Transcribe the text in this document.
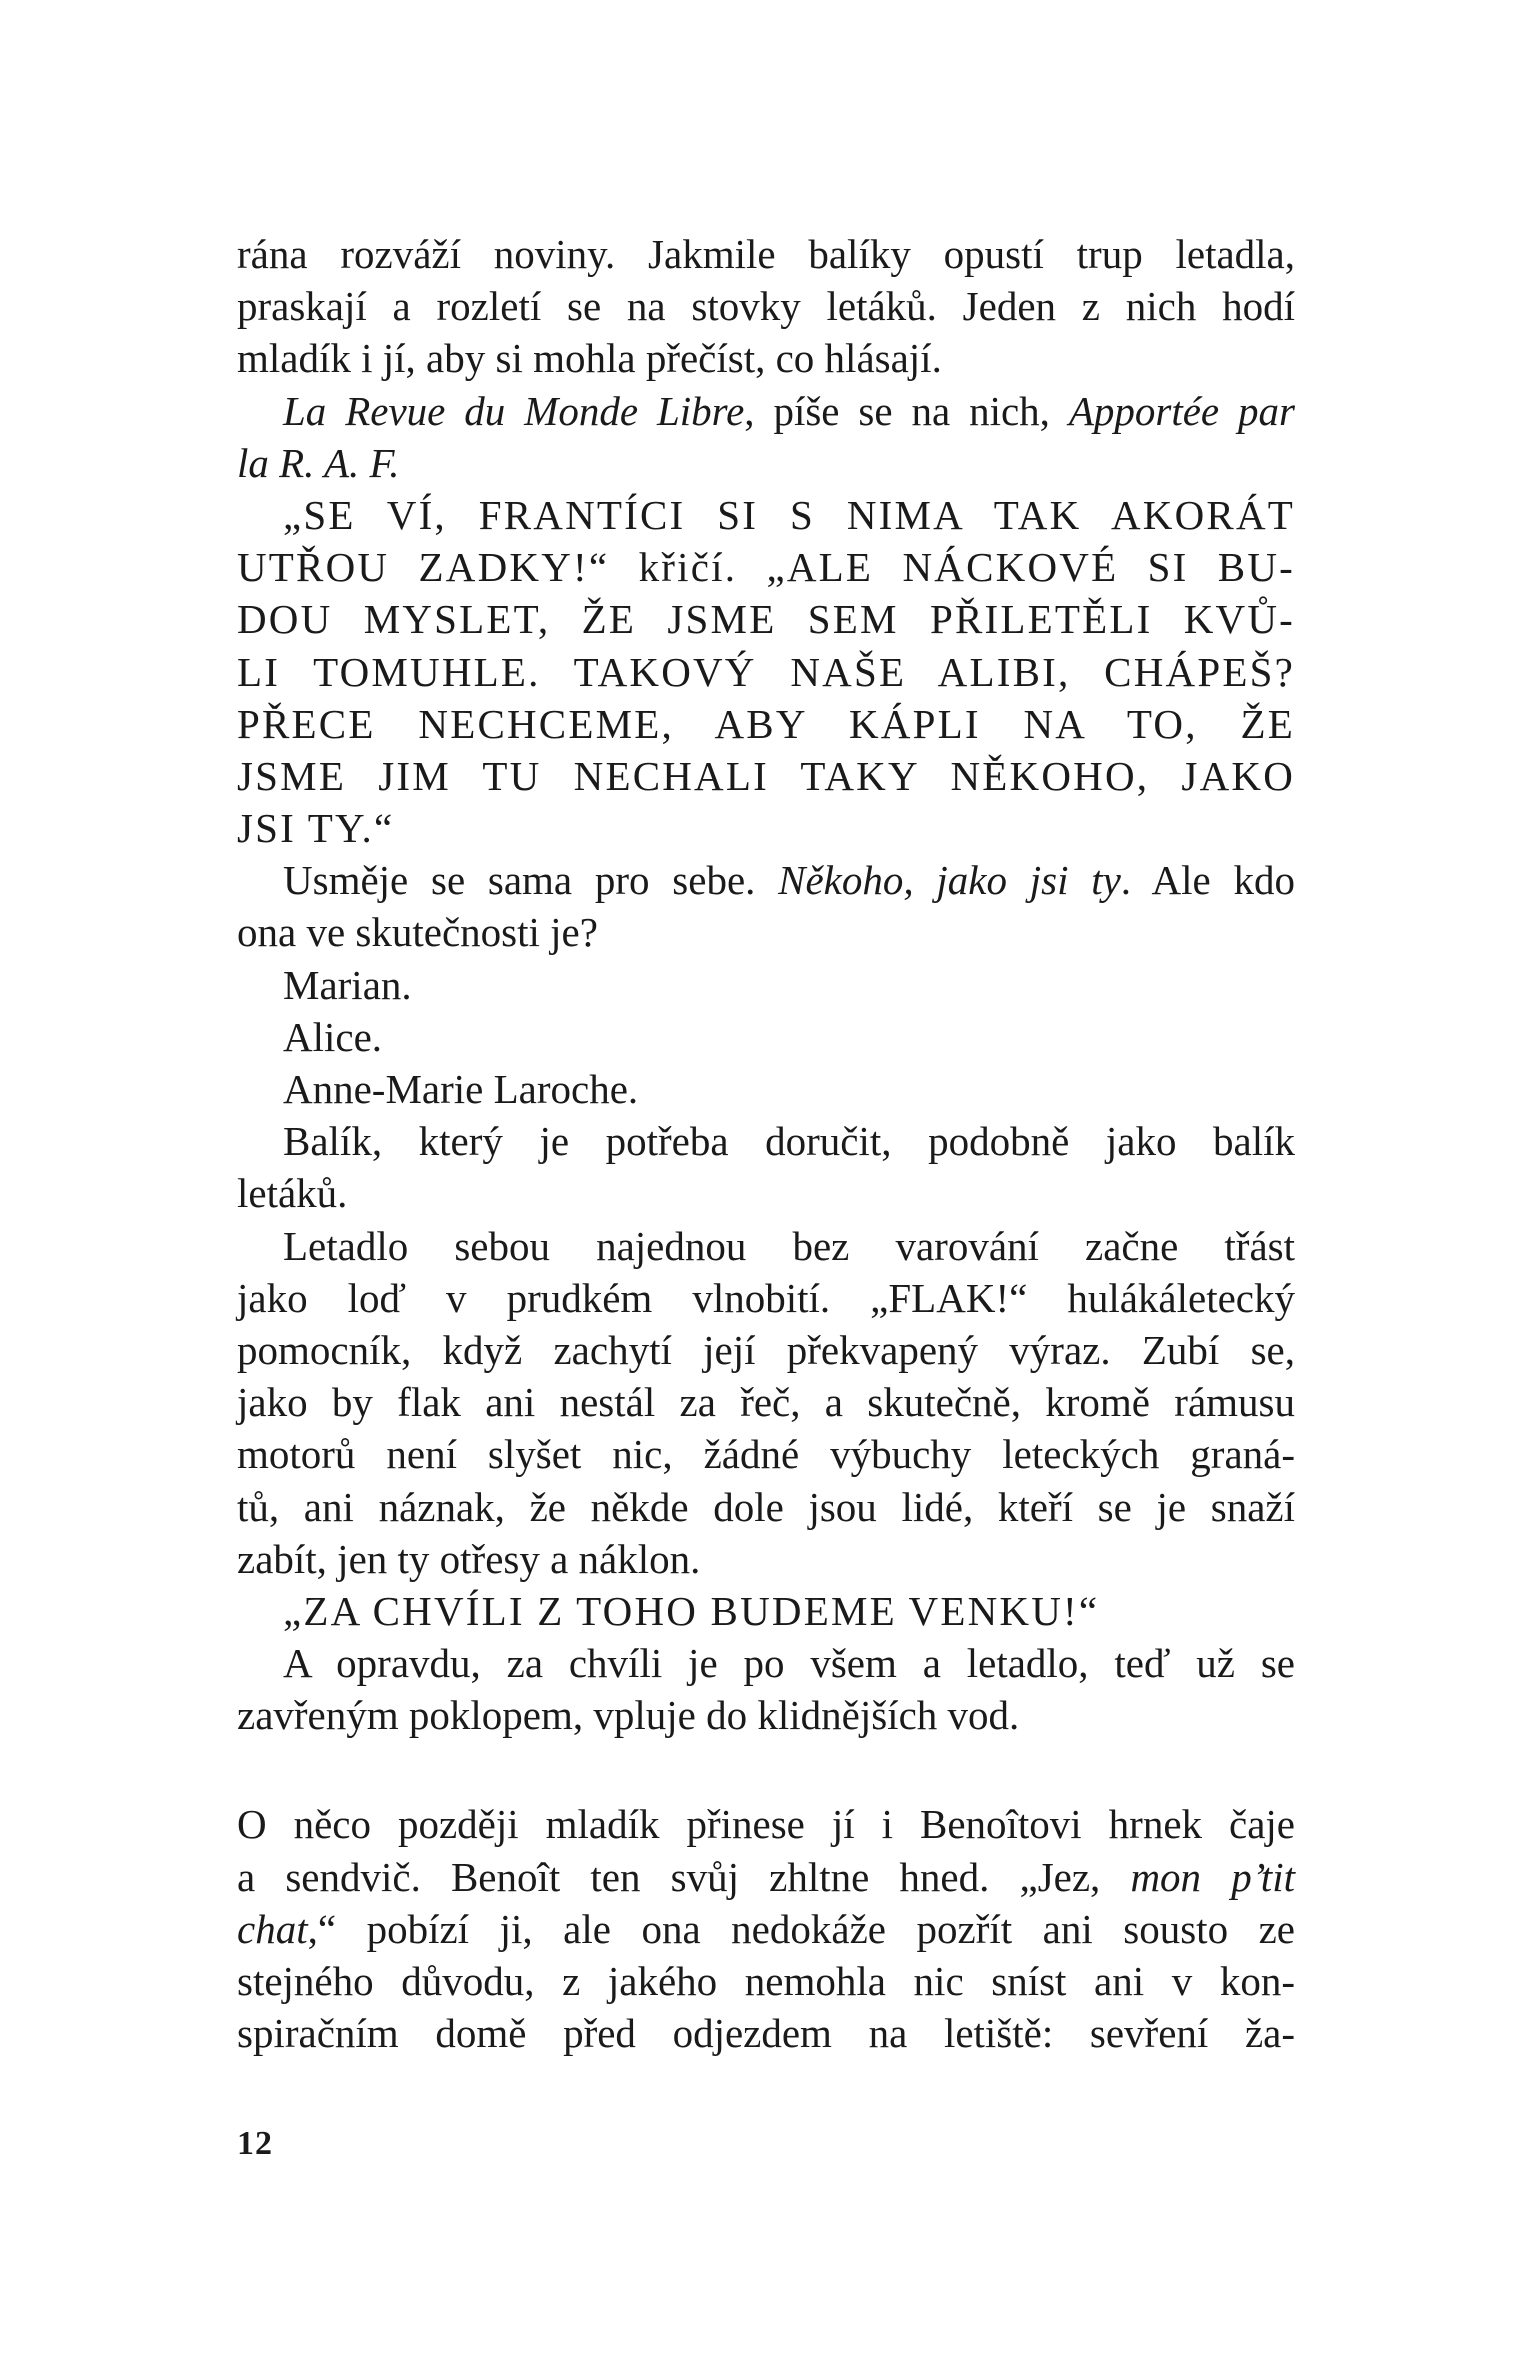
rána rozváží noviny. Jakmile balíky opustí trup letadla,
praskají a rozletí se na stovky letáků. Jeden z nich hodí
mladík i jí, aby si mohla přečíst, co hlásají.
La Revue du Monde Libre, píše se na nich, Apportée par
la R. A. F.
„SE VÍ, FRANTÍCI SI S NIMA TAK AKORÁT
UTŘOU ZADKY!“ křičí. „ALE NÁCKOVÉ SI BU-
DOU MYSLET, ŽE JSME SEM PŘILETĚLI KVŮ-
LI TOMUHLE. TAKOVÝ NAŠE ALIBI, CHÁPEŠ?
PŘECE NECHCEME, ABY KÁPLI NA TO, ŽE
JSME JIM TU NECHALI TAKY NĚKOHO, JAKO
JSI TY.“
Usměje se sama pro sebe. Někoho, jako jsi ty. Ale kdo
ona ve skutečnosti je?
Marian.
Alice.
Anne-Marie Laroche.
Balík, který je potřeba doručit, podobně jako balík
letáků.
Letadlo sebou najednou bez varování začne třást
jako loď v prudkém vlnobití. „FLAK!“ hulákáletecký
pomocník, když zachytí její překvapený výraz. Zubí se,
jako by flak ani nestál za řeč, a skutečně, kromě rámusu
motorů není slyšet nic, žádné výbuchy leteckých graná-
tů, ani náznak, že někde dole jsou lidé, kteří se je snaží
zabít, jen ty otřesy a náklon.
„ZA CHVÍLI Z TOHO BUDEME VENKU!“
A opravdu, za chvíli je po všem a letadlo, teď už se
zavřeným poklopem, vpluje do klidnějších vod.
O něco později mladík přinese jí i Benoîtovi hrnek čaje
a sendvič. Benoît ten svůj zhltne hned. „Jez, mon p’tit
chat,“ pobízí ji, ale ona nedokáže pozřít ani sousto ze
stejného důvodu, z jakého nemohla nic sníst ani v kon-
spiračním domě před odjezdem na letiště: sevření ža-
12
